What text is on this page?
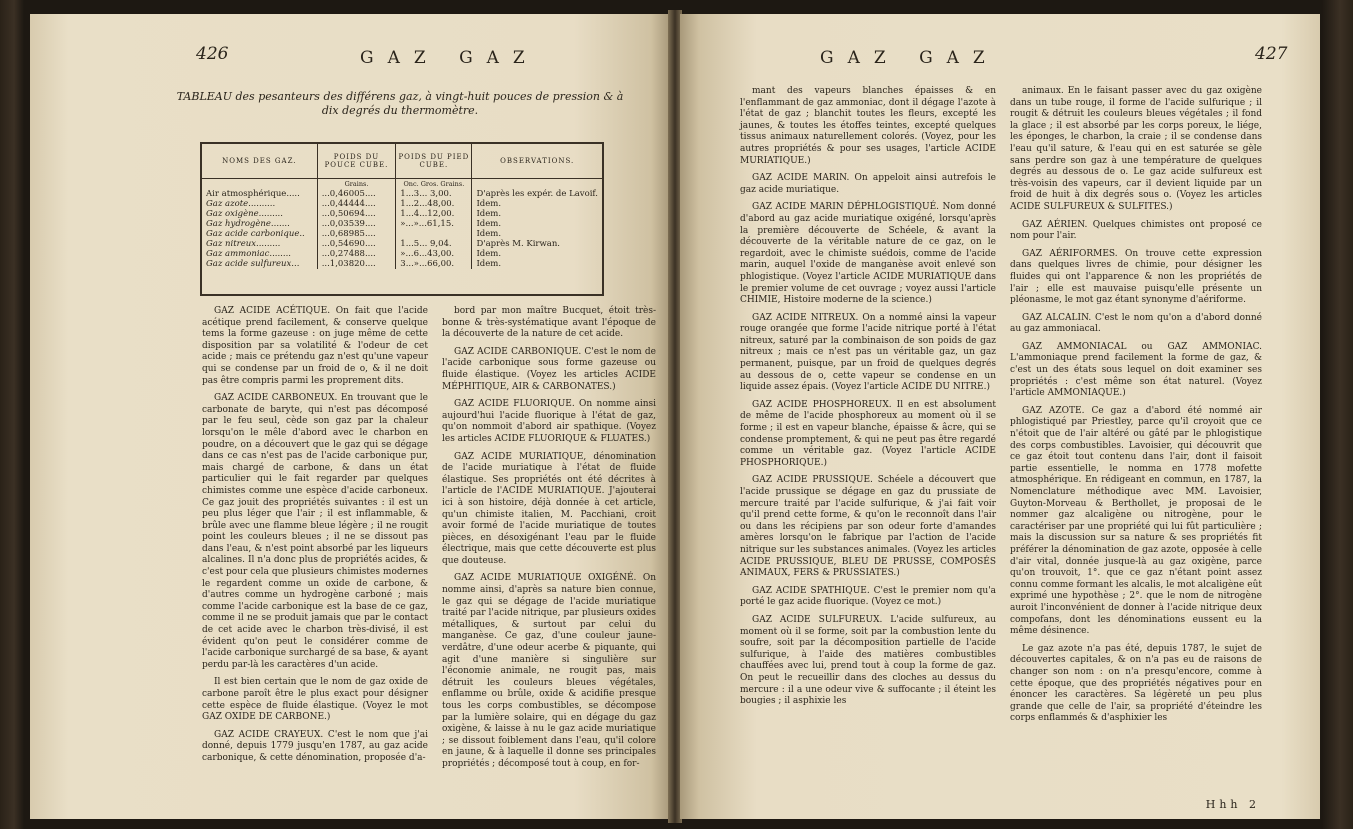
426	GAZ GAZ
TABLEAU des pesanteurs des différens gaz, à vingt-huit pouces de pression & à dix degrés du thermomètre.
NOMS DES GAZ.	POIDS DU POUCE CUBE.	POIDS DU PIED CUBE.	OBSERVATIONS.
	Grains.	Onc. Gros. Grains.	
Air atmosphérique.....	...0,46005....	1...3... 3,00.	D'après les expér. de Lavoif.
Gaz azote..........	...0,44444....	1...2...48,00.	Idem.
Gaz oxigène.........	...0,50694....	1...4...12,00.	Idem.
Gaz hydrogène.......	...0,03539....	»...»...61,15.	Idem.
Gaz acide carbonique..	...0,68985....		Idem.
Gaz nitreux.........	...0,54690....	1...5... 9,04.	D'après M. Kirwan.
Gaz ammoniac........	...0,27488....	»...6...43,00.	Idem.
Gaz acide sulfureux...	...1,03820....	3...»...66,00.	Idem.

GAZ ACIDE ACÉTIQUE. On fait que l'acide acétique prend facilement, & conserve quelque tems la forme gazeuse : on juge même de cette disposition par sa volatilité & l'odeur de cet acide ; mais ce prétendu gaz n'est qu'une vapeur qui se condense par un froid de o, & il ne doit pas être compris parmi les proprement dits.

GAZ ACIDE CARBONEUX. En trouvant que le carbonate de baryte, qui n'est pas décomposé par le feu seul, cède son gaz par la chaleur lorsqu'on le mêle d'abord avec le charbon en poudre, on a découvert que le gaz qui se dégage dans ce cas n'est pas de l'acide carbonique pur, mais chargé de carbone, & dans un état particulier qui le fait regarder par quelques chimistes comme une espèce d'acide carboneux. Ce gaz jouit des propriétés suivantes : il est un peu plus léger que l'air ; il est inflammable, & brûle avec une flamme bleue légère ; il ne rougit point les couleurs bleues ; il ne se dissout pas dans l'eau, & n'est point absorbé par les liqueurs alcalines. Il n'a donc plus de propriétés acides, & c'est pour cela que plusieurs chimistes modernes le regardent comme un oxide de carbone, & d'autres comme un hydrogène carboné ; mais comme l'acide carbonique est la base de ce gaz, comme il ne se produit jamais que par le contact de cet acide avec le charbon très-divisé, il est évident qu'on peut le considérer comme de l'acide carbonique surchargé de sa base, & ayant perdu par-là les caractères d'un acide.

Il est bien certain que le nom de gaz oxide de carbone paroît être le plus exact pour désigner cette espèce de fluide élastique. (Voyez le mot GAZ OXIDE DE CARBONE.)

GAZ ACIDE CRAYEUX. C'est le nom que j'ai donné, depuis 1779 jusqu'en 1787, au gaz acide carbonique, & cette dénomination, proposée d'a-

bord par mon maître Bucquet, étoit très-bonne & très-systématique avant l'époque de la découverte de la nature de cet acide.

GAZ ACIDE CARBONIQUE. C'est le nom de l'acide carbonique sous forme gazeuse ou fluide élastique. (Voyez les articles ACIDE MÉPHITIQUE, AIR & CARBONATES.)

GAZ ACIDE FLUORIQUE. On nomme ainsi aujourd'hui l'acide fluorique à l'état de gaz, qu'on nommoit d'abord air spathique. (Voyez les articles ACIDE FLUORIQUE & FLUATES.)

GAZ ACIDE MURIATIQUE, dénomination de l'acide muriatique à l'état de fluide élastique. Ses propriétés ont été décrites à l'article de l'ACIDE MURIATIQUE. J'ajouterai ici à son histoire, déjà donnée à cet article, qu'un chimiste italien, M. Pacchiani, croit avoir formé de l'acide muriatique de toutes pièces, en désoxigénant l'eau par le fluide électrique, mais que cette découverte est plus que douteuse.

GAZ ACIDE MURIATIQUE OXIGÉNÉ. On nomme ainsi, d'après sa nature bien connue, le gaz qui se dégage de l'acide muriatique traité par l'acide nitrique, par plusieurs oxides métalliques, & surtout par celui du manganèse. Ce gaz, d'une couleur jaune-verdâtre, d'une odeur acerbe & piquante, qui agit d'une manière si singulière sur l'économie animale, ne rougit pas, mais détruit les couleurs bleues végétales, enflamme ou brûle, oxide & acidifie presque tous les corps combustibles, se décompose par la lumière solaire, qui en dégage du gaz oxigène, & laisse à nu le gaz acide muriatique ; se dissout foiblement dans l'eau, qu'il colore en jaune, & à laquelle il donne ses principales propriétés ; décomposé tout à coup, en for-

GAZ GAZ	427

mant des vapeurs blanches épaisses & en l'enflammant de gaz ammoniac, dont il dégage l'azote à l'état de gaz ; blanchit toutes les fleurs, excepté les jaunes, & toutes les étoffes teintes, excepté quelques tissus animaux naturellement colorés. (Voyez, pour les autres propriétés & pour ses usages, l'article ACIDE MURIATIQUE.)

GAZ ACIDE MARIN. On appeloit ainsi autrefois le gaz acide muriatique.

GAZ ACIDE MARIN DÉPHLOGISTIQUÉ. Nom donné d'abord au gaz acide muriatique oxigéné, lorsqu'après la première découverte de Schéele, & avant la découverte de la véritable nature de ce gaz, on le regardoit, avec le chimiste suédois, comme de l'acide marin, auquel l'oxide de manganèse avoit enlevé son phlogistique. (Voyez l'article ACIDE MURIATIQUE dans le premier volume de cet ouvrage ; voyez aussi l'article CHIMIE, Histoire moderne de la science.)

GAZ ACIDE NITREUX. On a nommé ainsi la vapeur rouge orangée que forme l'acide nitrique porté à l'état nitreux, saturé par la combinaison de son poids de gaz nitreux ; mais ce n'est pas un véritable gaz, un gaz permanent, puisque, par un froid de quelques degrés au dessous de o, cette vapeur se condense en un liquide assez épais. (Voyez l'article ACIDE DU NITRE.)

GAZ ACIDE PHOSPHOREUX. Il en est absolument de même de l'acide phosphoreux au moment où il se forme ; il est en vapeur blanche, épaisse & âcre, qui se condense promptement, & qui ne peut pas être regardé comme un véritable gaz. (Voyez l'article ACIDE PHOSPHORIQUE.)

GAZ ACIDE PRUSSIQUE. Schéele a découvert que l'acide prussique se dégage en gaz du prussiate de mercure traité par l'acide sulfurique, & j'ai fait voir qu'il prend cette forme, & qu'on le reconnoît dans l'air ou dans les récipiens par son odeur forte d'amandes amères lorsqu'on le fabrique par l'action de l'acide nitrique sur les substances animales. (Voyez les articles ACIDE PRUSSIQUE, BLEU DE PRUSSE, COMPOSÉS ANIMAUX, FERS & PRUSSIATES.)

GAZ ACIDE SPATHIQUE. C'est le premier nom qu'a porté le gaz acide fluorique. (Voyez ce mot.)

GAZ ACIDE SULFUREUX. L'acide sulfureux, au moment où il se forme, soit par la combustion lente du soufre, soit par la décomposition partielle de l'acide sulfurique, à l'aide des matières combustibles chauffées avec lui, prend tout à coup la forme de gaz. On peut le recueillir dans des cloches au dessus du mercure : il a une odeur vive & suffocante ; il éteint les bougies ; il asphixie les

animaux. En le faisant passer avec du gaz oxigène dans un tube rouge, il forme de l'acide sulfurique ; il rougit & détruit les couleurs bleues végétales ; il fond la glace ; il est absorbé par les corps poreux, le liége, les éponges, le charbon, la craie ; il se condense dans l'eau qu'il sature, & l'eau qui en est saturée se gèle sans perdre son gaz à une température de quelques degrés au dessous de o. Le gaz acide sulfureux est très-voisin des vapeurs, car il devient liquide par un froid de huit à dix degrés sous o. (Voyez les articles ACIDE SULFUREUX & SULFITES.)

GAZ AÉRIEN. Quelques chimistes ont proposé ce nom pour l'air.

GAZ AÉRIFORMES. On trouve cette expression dans quelques livres de chimie, pour désigner les fluides qui ont l'apparence & non les propriétés de l'air ; elle est mauvaise puisqu'elle présente un pléonasme, le mot gaz étant synonyme d'aériforme.

GAZ ALCALIN. C'est le nom qu'on a d'abord donné au gaz ammoniacal.

GAZ AMMONIACAL ou GAZ AMMONIAC. L'ammoniaque prend facilement la forme de gaz, & c'est un des états sous lequel on doit examiner ses propriétés : c'est même son état naturel. (Voyez l'article AMMONIAQUE.)

GAZ AZOTE. Ce gaz a d'abord été nommé air phlogistiqué par Priestley, parce qu'il croyoit que ce n'étoit que de l'air altéré ou gâté par le phlogistique des corps combustibles. Lavoisier, qui découvrit que ce gaz étoit tout contenu dans l'air, dont il faisoit partie essentielle, le nomma en 1778 mofette atmosphérique. En rédigeant en commun, en 1787, la Nomenclature méthodique avec MM. Lavoisier, Guyton-Morveau & Berthollet, je proposai de le nommer gaz alcaligène ou nitrogène, pour le caractériser par une propriété qui lui fût particulière ; mais la discussion sur sa nature & ses propriétés fit préférer la dénomination de gaz azote, opposée à celle d'air vital, donnée jusque-là au gaz oxigène, parce qu'on trouvoit, 1°. que ce gaz n'étant point assez connu comme formant les alcalis, le mot alcaligène eût exprimé une hypothèse ; 2°. que le nom de nitrogène auroit l'inconvénient de donner à l'acide nitrique deux compofans, dont les dénominations eussent eu la même désinence.

Le gaz azote n'a pas été, depuis 1787, le sujet de découvertes capitales, & on n'a pas eu de raisons de changer son nom : on n'a presqu'encore, comme à cette époque, que des propriétés négatives pour en énoncer les caractères. Sa légèreté un peu plus grande que celle de l'air, sa propriété d'éteindre les corps enflammés & d'asphixier les

Hhh 2
